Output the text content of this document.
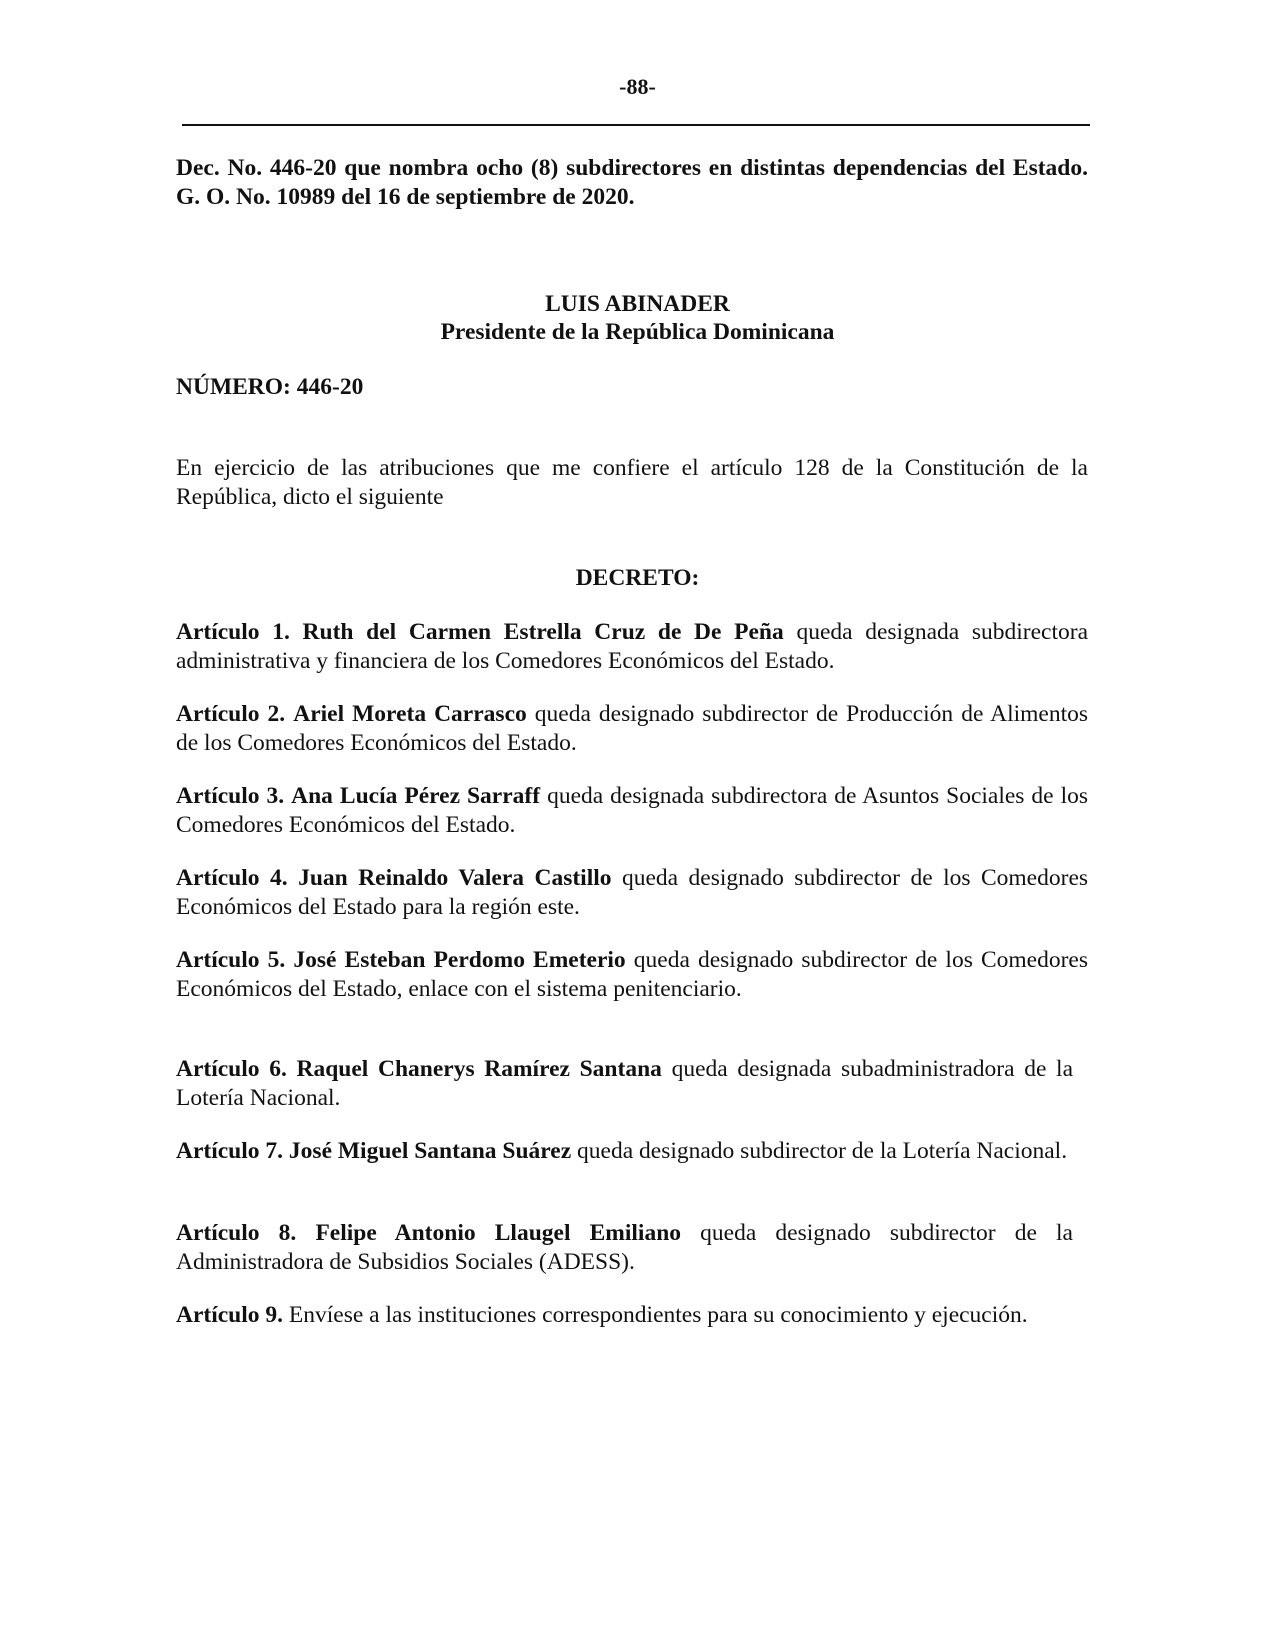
-88-
Dec. No. 446-20 que nombra ocho (8) subdirectores en distintas dependencias del Estado. G. O. No. 10989 del 16 de septiembre de 2020.
LUIS ABINADER
Presidente de la República Dominicana
NÚMERO: 446-20
En ejercicio de las atribuciones que me confiere el artículo 128 de la Constitución de la República, dicto el siguiente
DECRETO:
Artículo 1. Ruth del Carmen Estrella Cruz de De Peña queda designada subdirectora administrativa y financiera de los Comedores Económicos del Estado.
Artículo 2. Ariel Moreta Carrasco queda designado subdirector de Producción de Alimentos de los Comedores Económicos del Estado.
Artículo 3. Ana Lucía Pérez Sarraff queda designada subdirectora de Asuntos Sociales de los Comedores Económicos del Estado.
Artículo 4. Juan Reinaldo Valera Castillo queda designado subdirector de los Comedores Económicos del Estado para la región este.
Artículo 5. José Esteban Perdomo Emeterio queda designado subdirector de los Comedores Económicos del Estado, enlace con el sistema penitenciario.
Artículo 6. Raquel Chanerys Ramírez Santana queda designada subadministradora de la Lotería Nacional.
Artículo 7. José Miguel Santana Suárez queda designado subdirector de la Lotería Nacional.
Artículo 8. Felipe Antonio Llaugel Emiliano queda designado subdirector de la Administradora de Subsidios Sociales (ADESS).
Artículo 9. Envíese a las instituciones correspondientes para su conocimiento y ejecución.
